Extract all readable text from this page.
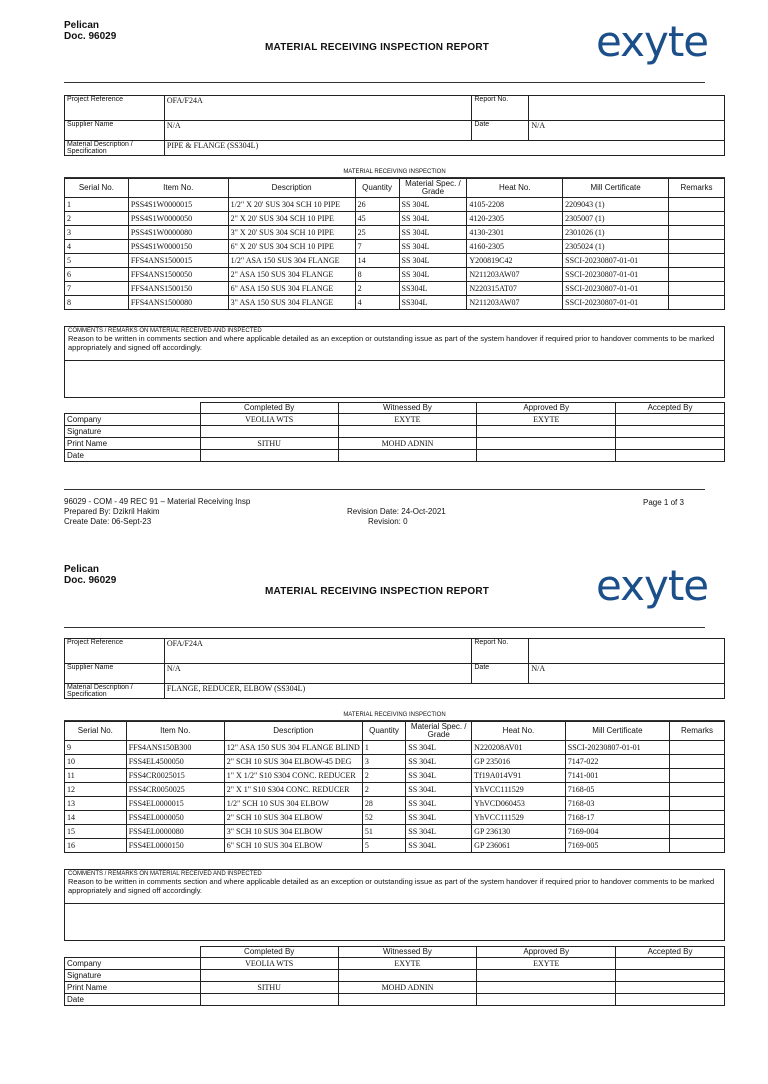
Pelican
Doc. 96029
MATERIAL RECEIVING INSPECTION REPORT	exyte
Project Reference	OFA/F24A	Report No.	
Supplier Name	N/A	Date	N/A
Material Description / Specification	PIPE & FLANGE (SS304L)		
MATERIAL RECEIVING INSPECTION
Serial No.	Item No.	Description	Quantity	Material Spec. / Grade	Heat No.	Mill Certificate	Remarks
1	PSS4S1W0000015	1/2" X 20' SUS 304 SCH 10 PIPE	26	SS 304L	4105-2208	2209043 (1)	
2	PSS4S1W0000050	2" X 20' SUS 304 SCH 10 PIPE	45	SS 304L	4120-2305	2305007 (1)	
3	PSS4S1W0000080	3" X 20' SUS 304 SCH 10 PIPE	25	SS 304L	4130-2301	2301026 (1)	
4	PSS4S1W0000150	6" X 20' SUS 304 SCH 10 PIPE	7	SS 304L	4160-2305	2305024 (1)	
5	FFS4ANS1500015	1/2" ASA 150 SUS 304 FLANGE	14	SS 304L	Y200819C42	SSCI-20230807-01-01	
6	FFS4ANS1500050	2" ASA 150 SUS 304 FLANGE	8	SS 304L	N211203AW07	SSCI-20230807-01-01	
7	FFS4ANS1500150	6" ASA 150 SUS 304 FLANGE	2	SS304L	N220315AT07	SSCI-20230807-01-01	
8	FFS4ANS1500080	3" ASA 150 SUS 304 FLANGE	4	SS304L	N211203AW07	SSCI-20230807-01-01	
COMMENTS / REMARKS ON MATERIAL RECEIVED AND INSPECTED
Reason to be written in comments section and where applicable detailed as an exception or outstanding issue as part of the system handover if required prior to handover comments to be marked appropriately and signed off accordingly.
	Completed By	Witnessed By	Approved By	Accepted By
Company	VEOLIA WTS	EXYTE	EXYTE	
Signature				
Print Name	SITHU	MOHD ADNIN		
Date				
96029 - COM - 49 REC 91 – Material Receiving Insp
Prepared By: Dzikril Hakim
Create Date: 06-Sept-23
Revision Date: 24-Oct-2021
Revision: 0
Page 1 of 3
Pelican
Doc. 96029
MATERIAL RECEIVING INSPECTION REPORT	exyte
Project Reference	OFA/F24A	Report No.	
Supplier Name	N/A	Date	N/A
Material Description / Specification	FLANGE, REDUCER, ELBOW (SS304L)		
MATERIAL RECEIVING INSPECTION
Serial No.	Item No.	Description	Quantity	Material Spec. / Grade	Heat No.	Mill Certificate	Remarks
9	FFS4ANS150B300	12" ASA 150 SUS 304 FLANGE BLIND	1	SS 304L	N220208AV01	SSCI-20230807-01-01	
10	FSS4EL4500050	2" SCH 10 SUS 304 ELBOW-45 DEG	3	SS 304L	GP 235016	7147-022	
11	FSS4CR0025015	1" X 1/2" S10 S304 CONC. REDUCER	2	SS 304L	Tf19A014V91	7141-001	
12	FSS4CR0050025	2" X 1" S10 S304 CONC. REDUCER	2	SS 304L	YhVCC111529	7168-05	
13	FSS4EL0000015	1/2" SCH 10 SUS 304 ELBOW	28	SS 304L	YhVCD060453	7168-03	
14	FSS4EL0000050	2" SCH 10 SUS 304 ELBOW	52	SS 304L	YhVCC111529	7168-17	
15	FSS4EL0000080	3" SCH 10 SUS 304 ELBOW	51	SS 304L	GP 236130	7169-004	
16	FSS4EL0000150	6" SCH 10 SUS 304 ELBOW	5	SS 304L	GP 236061	7169-005	
COMMENTS / REMARKS ON MATERIAL RECEIVED AND INSPECTED
Reason to be written in comments section and where applicable detailed as an exception or outstanding issue as part of the system handover if required prior to handover comments to be marked appropriately and signed off accordingly.
	Completed By	Witnessed By	Approved By	Accepted By
Company	VEOLIA WTS	EXYTE	EXYTE	
Signature				
Print Name	SITHU	MOHD ADNIN		
Date				
